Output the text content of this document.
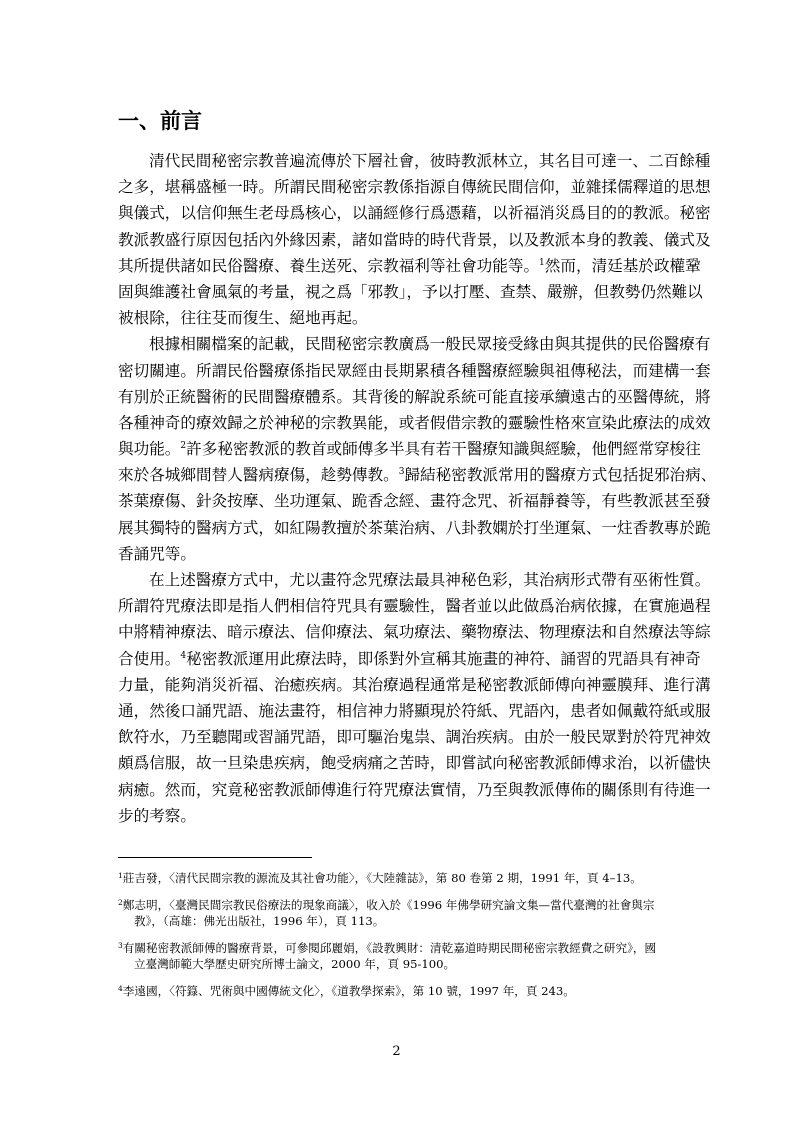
一、前言

清代民間秘密宗教普遍流傳於下層社會，彼時教派林立，其名目可達一、二百餘種
之多，堪稱盛極一時。所謂民間秘密宗教係指源自傳統民間信仰，並雜揉儒釋道的思想
與儀式，以信仰無生老母爲核心，以誦經修行爲憑藉，以祈福消災爲目的的教派。秘密
教派教盛行原因包括內外緣因素，諸如當時的時代背景，以及教派本身的教義、儀式及
其所提供諸如民俗醫療、養生送死、宗教福利等社會功能等。$^1$然而，清廷基於政權鞏
固與維護社會風氣的考量，視之爲「邪教」，予以打壓、查禁、嚴辦，但教勢仍然難以
被根除，往往芟而復生、絕地再起。

根據相關檔案的記載，民間秘密宗教廣爲一般民眾接受緣由與其提供的民俗醫療有
密切關連。所謂民俗醫療係指民眾經由長期累積各種醫療經驗與祖傳秘法，而建構一套
有別於正統醫術的民間醫療體系。其背後的解說系統可能直接承續遠古的巫醫傳統，將
各種神奇的療效歸之於神秘的宗教異能，或者假借宗教的靈驗性格來宣染此療法的成效
與功能。$^2$許多秘密教派的教首或師傅多半具有若干醫療知識與經驗，他們經常穿梭往
來於各城鄉間替人醫病療傷，趁勢傳教。$^3$歸結秘密教派常用的醫療方式包括捉邪治病、
茶葉療傷、針灸按摩、坐功運氣、跪香念經、畫符念咒、祈福靜養等，有些教派甚至發
展其獨特的醫病方式，如紅陽教擅於茶葉治病、八卦教嫻於打坐運氣、一炷香教專於跪
香誦咒等。

在上述醫療方式中，尤以畫符念咒療法最具神秘色彩，其治病形式帶有巫術性質。
所謂符咒療法即是指人們相信符咒具有靈驗性，醫者並以此做爲治病依據，在實施過程
中將精神療法、暗示療法、信仰療法、氣功療法、藥物療法、物理療法和自然療法等綜
合使用。$^4$秘密教派運用此療法時，即係對外宣稱其施畫的神符、誦習的咒語具有神奇
力量，能夠消災祈福、治癒疾病。其治療過程通常是秘密教派師傅向神靈膜拜、進行溝
通，然後口誦咒語、施法畫符，相信神力將顯現於符紙、咒語內，患者如佩戴符紙或服
飲符水，乃至聽聞或習誦咒語，即可驅治鬼祟、調治疾病。由於一般民眾對於符咒神效
頗爲信服，故一旦染患疾病，飽受病痛之苦時，即嘗試向秘密教派師傅求治，以祈儘快
病癒。然而，究竟秘密教派師傅進行符咒療法實情，乃至與教派傳佈的關係則有待進一
步的考察。

$^1$莊吉發，〈清代民間宗教的源流及其社會功能〉，《大陸雜誌》，第 80 卷第 2 期，1991 年，頁 4–13。

$^2$鄭志明，〈臺灣民間宗教民俗療法的現象商議〉，收入於《1996 年佛學研究論文集—當代臺灣的社會與宗
教》，（高雄：佛光出版社，1996 年），頁 113。

$^3$有關秘密教派師傅的醫療背景，可參閱邱麗娟，《設教興財：清乾嘉道時期民間秘密宗教經費之研究》，國
立臺灣師範大學歷史研究所博士論文，2000 年，頁 95-100。

$^4$李遠國，〈符籙、咒術與中國傳統文化〉，《道教學探索》，第 10 號，1997 年，頁 243。

2
